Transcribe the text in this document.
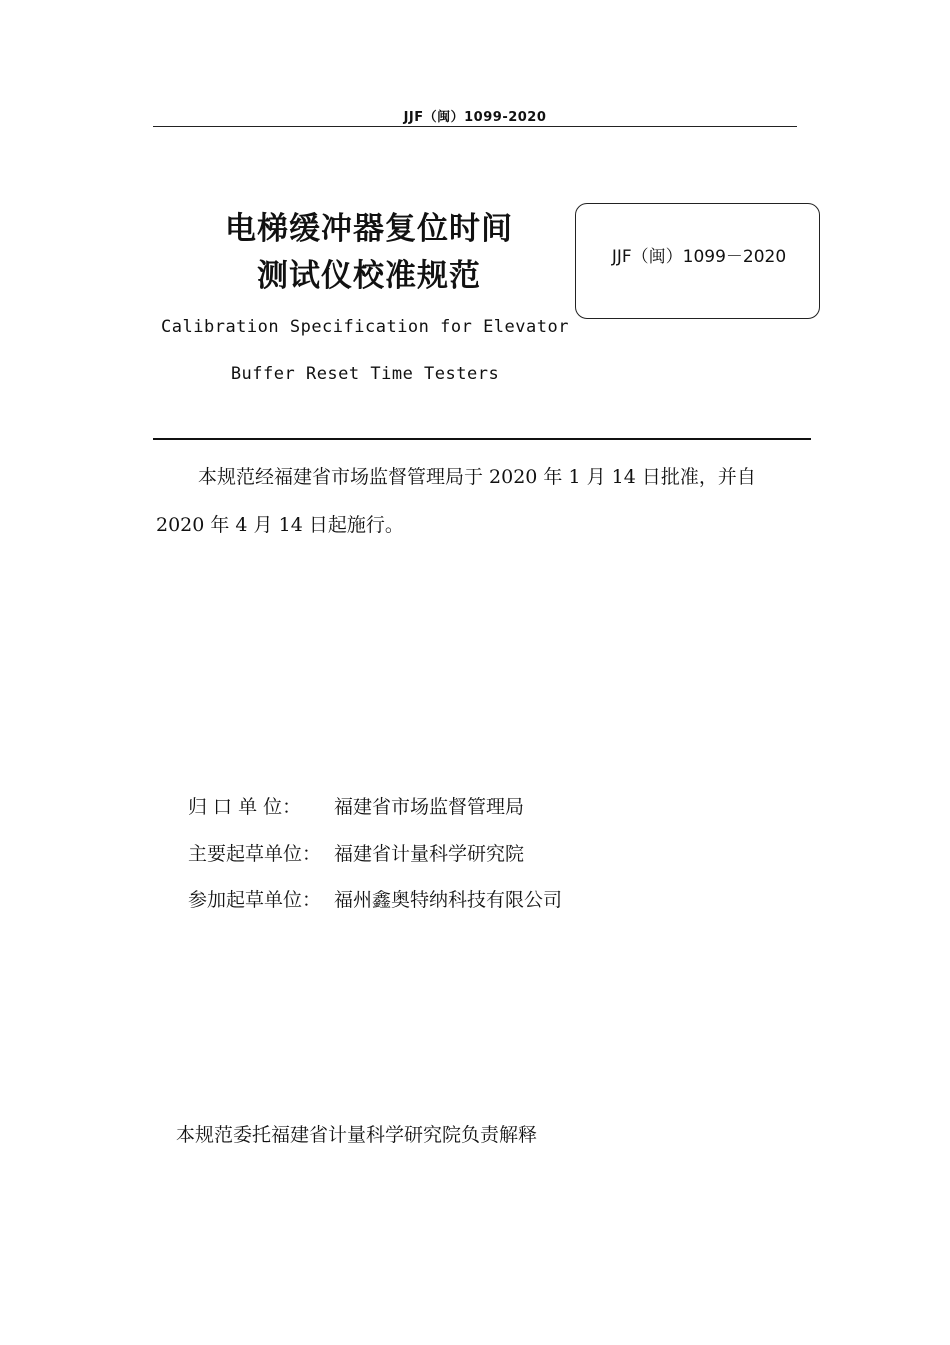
JJF（闽）1099-2020
电梯缓冲器复位时间
测试仪校准规范
JJF（闽）1099－2020
Calibration Specification for Elevator
Buffer Reset Time Testers
本规范经福建省市场监督管理局于 2020 年 1 月 14 日批准，并自
2020 年 4 月 14 日起施行。
归 口 单 位： 福建省市场监督管理局
主要起草单位： 福建省计量科学研究院
参加起草单位： 福州鑫奥特纳科技有限公司
本规范委托福建省计量科学研究院负责解释
